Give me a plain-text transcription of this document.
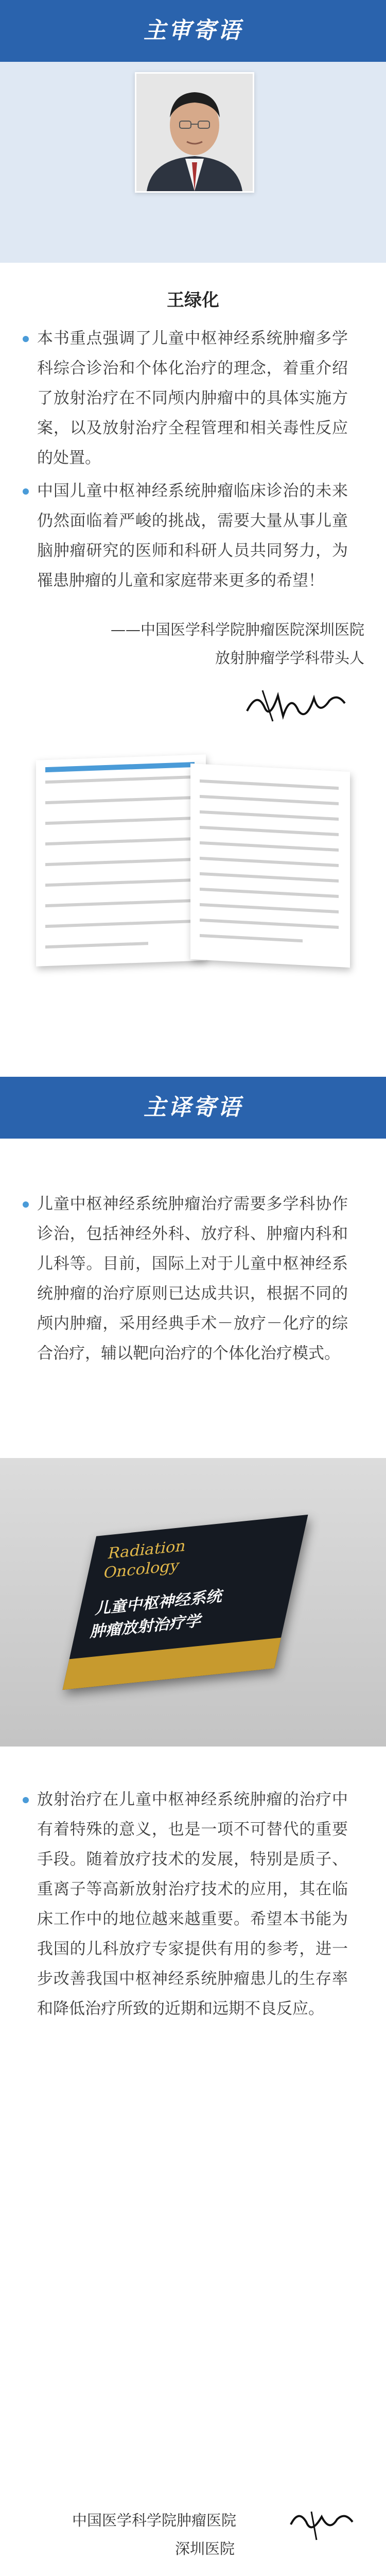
主审寄语
王绿化
本书重点强调了儿童中枢神经系统肿瘤多学科综合诊治和个体化治疗的理念，着重介绍了放射治疗在不同颅内肿瘤中的具体实施方案，以及放射治疗全程管理和相关毒性反应的处置。
中国儿童中枢神经系统肿瘤临床诊治的未来仍然面临着严峻的挑战，需要大量从事儿童脑肿瘤研究的医师和科研人员共同努力，为罹患肿瘤的儿童和家庭带来更多的希望！
——中国医学科学院肿瘤医院深圳医院
放射肿瘤学学科带头人
主译寄语
儿童中枢神经系统肿瘤治疗需要多学科协作诊治，包括神经外科、放疗科、肿瘤内科和儿科等。目前，国际上对于儿童中枢神经系统肿瘤的治疗原则已达成共识，根据不同的颅内肿瘤，采用经典手术－放疗－化疗的综合治疗，辅以靶向治疗的个体化治疗模式。
Radiation
Oncology
儿童中枢神经系统
肿瘤放射治疗学
放射治疗在儿童中枢神经系统肿瘤的治疗中有着特殊的意义，也是一项不可替代的重要手段。随着放疗技术的发展，特别是质子、重离子等高新放射治疗技术的应用，其在临床工作中的地位越来越重要。希望本书能为我国的儿科放疗专家提供有用的参考，进一步改善我国中枢神经系统肿瘤患儿的生存率和降低治疗所致的近期和远期不良反应。
中国医学科学院肿瘤医院
深圳医院
